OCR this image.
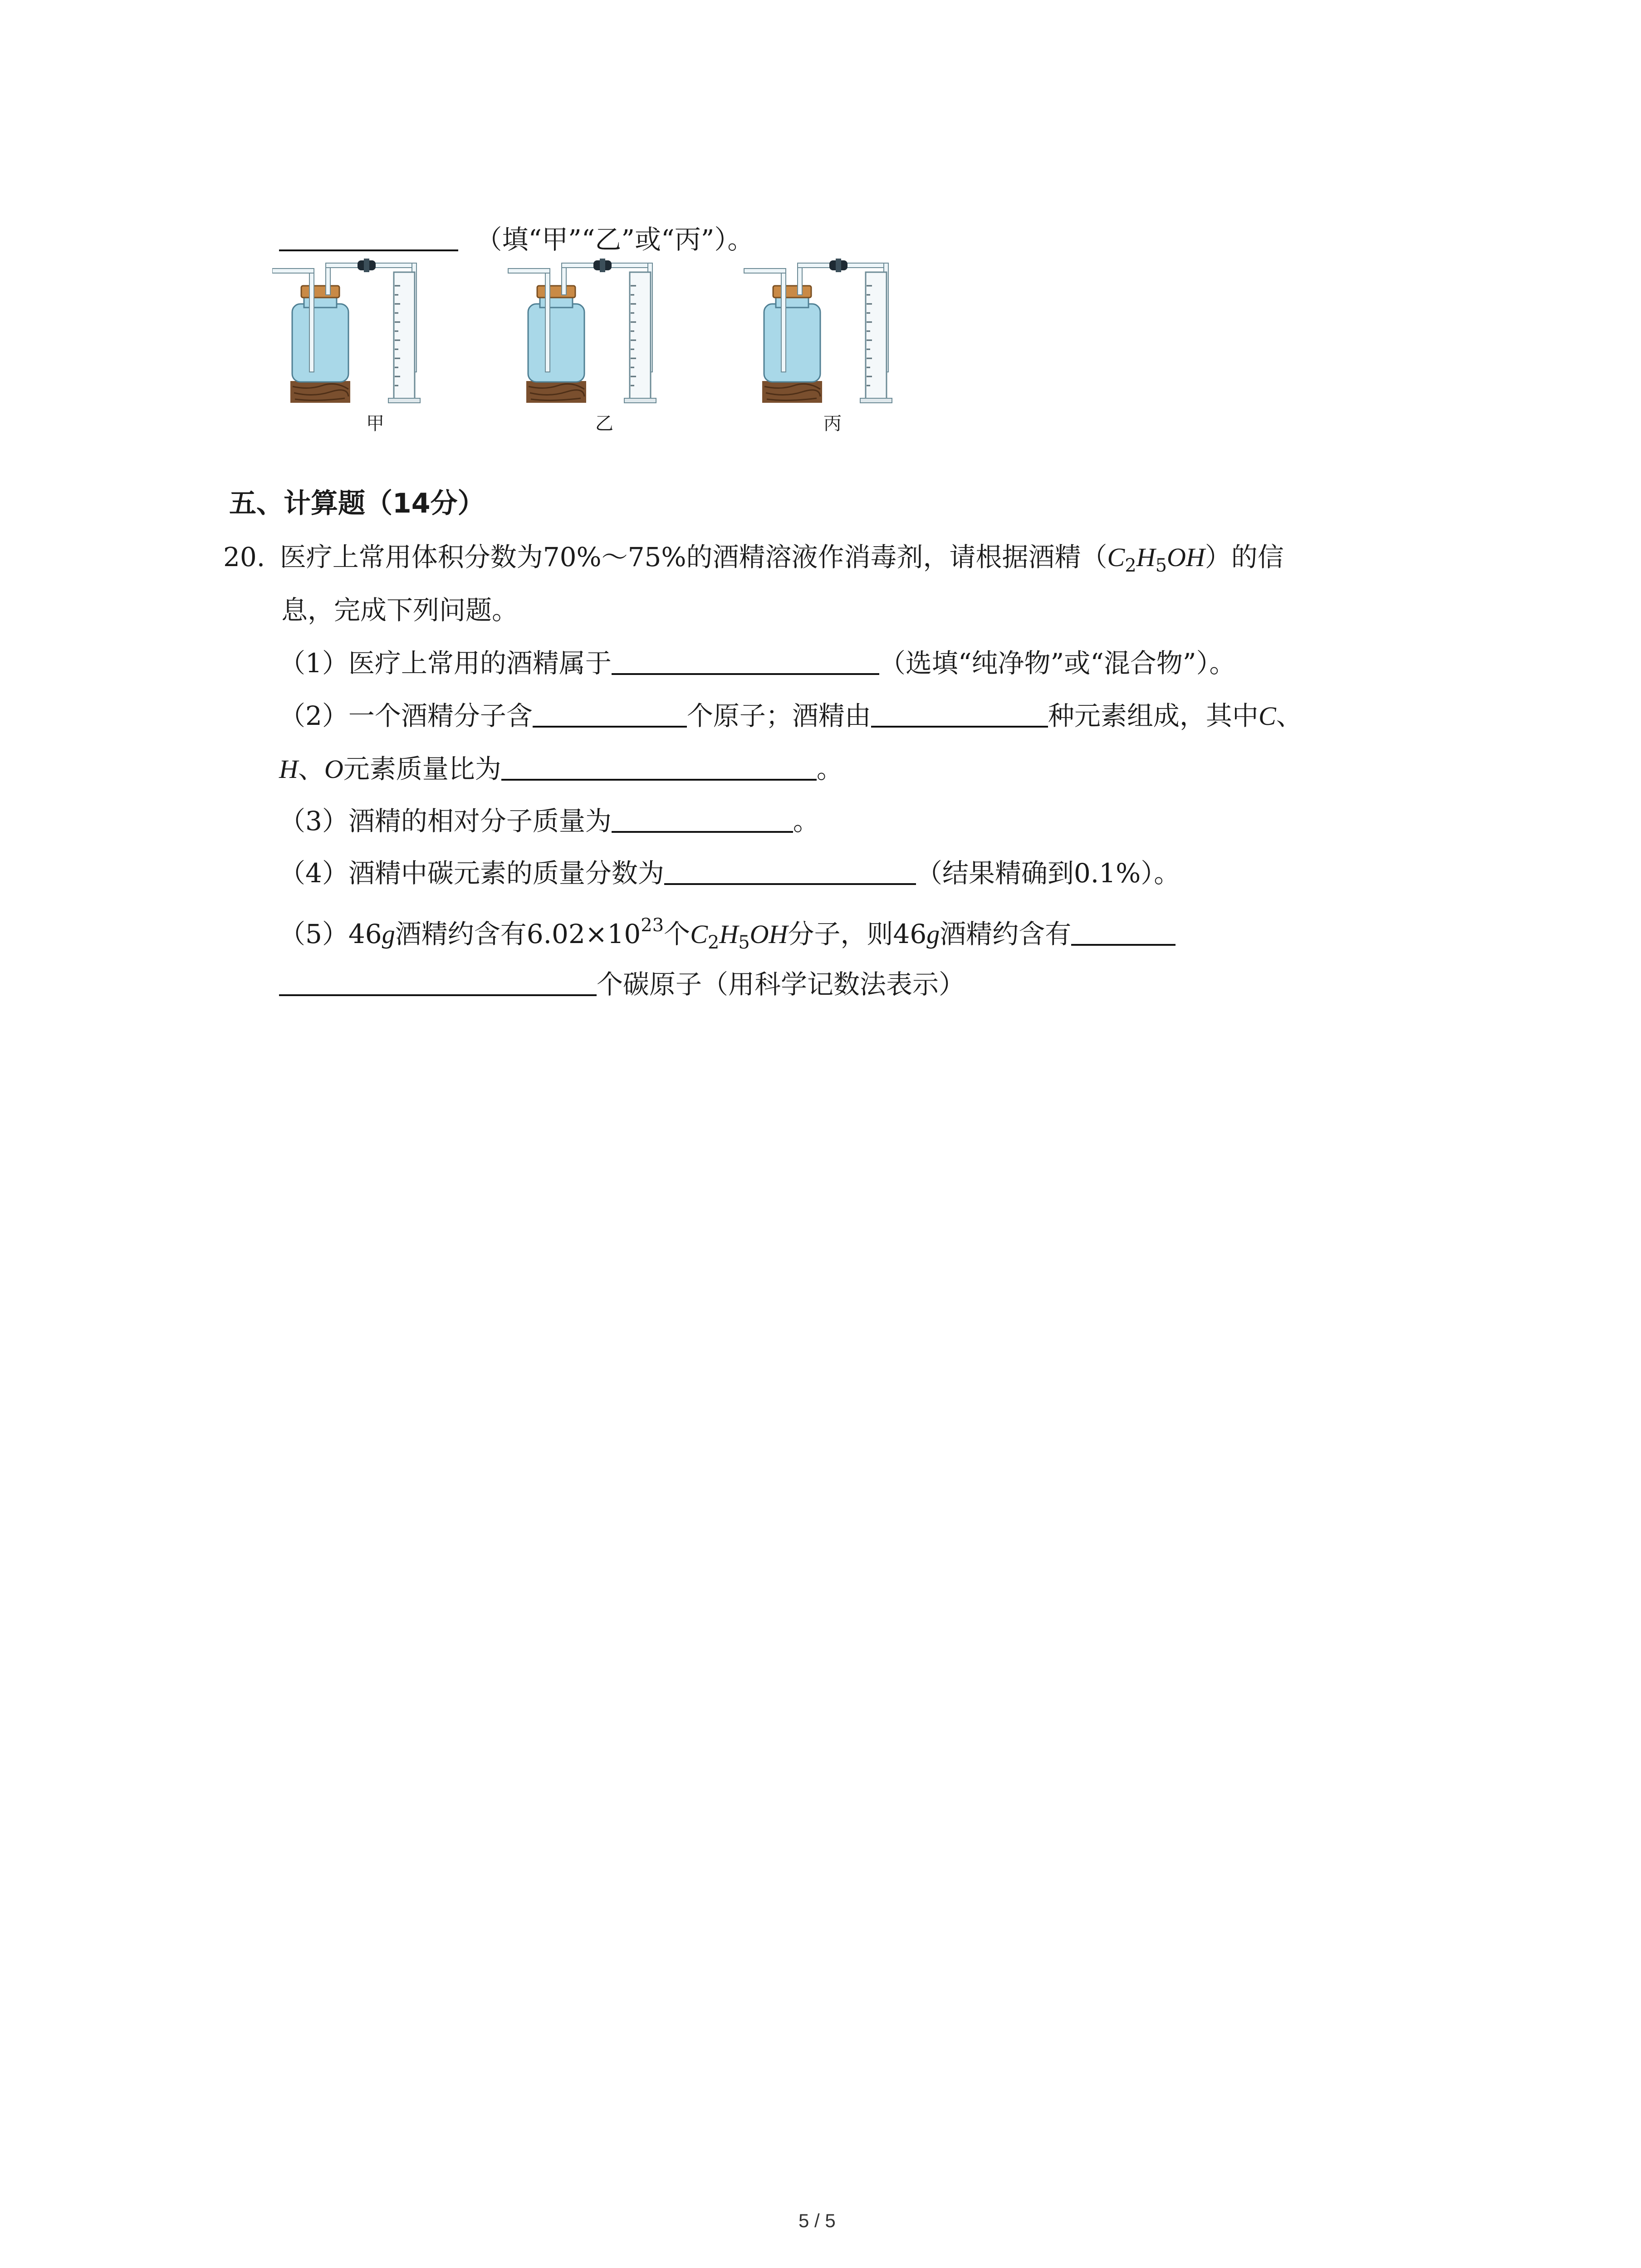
（填“甲”“乙”或“丙”）。
甲	乙	丙
五、计算题（14分）
20. 医疗上常用体积分数为70%～75%的酒精溶液作消毒剂，请根据酒精$(C_2H_5OH)$的信
息，完成下列问题。
（1）医疗上常用的酒精属于	（选填“纯净物”或“混合物”）。
（2）一个酒精分子含	个原子；酒精由	种元素组成，其中C、
H、O元素质量比为	。
（3）酒精的相对分子质量为	。
（4）酒精中碳元素的质量分数为	（结果精确到0.1%）。
（5）46g酒精约含有$6.02\times 10^{23}$个$C_2H_5OH$分子，则46g酒精约含有
个碳原子（用科学记数法表示）
5 / 5
